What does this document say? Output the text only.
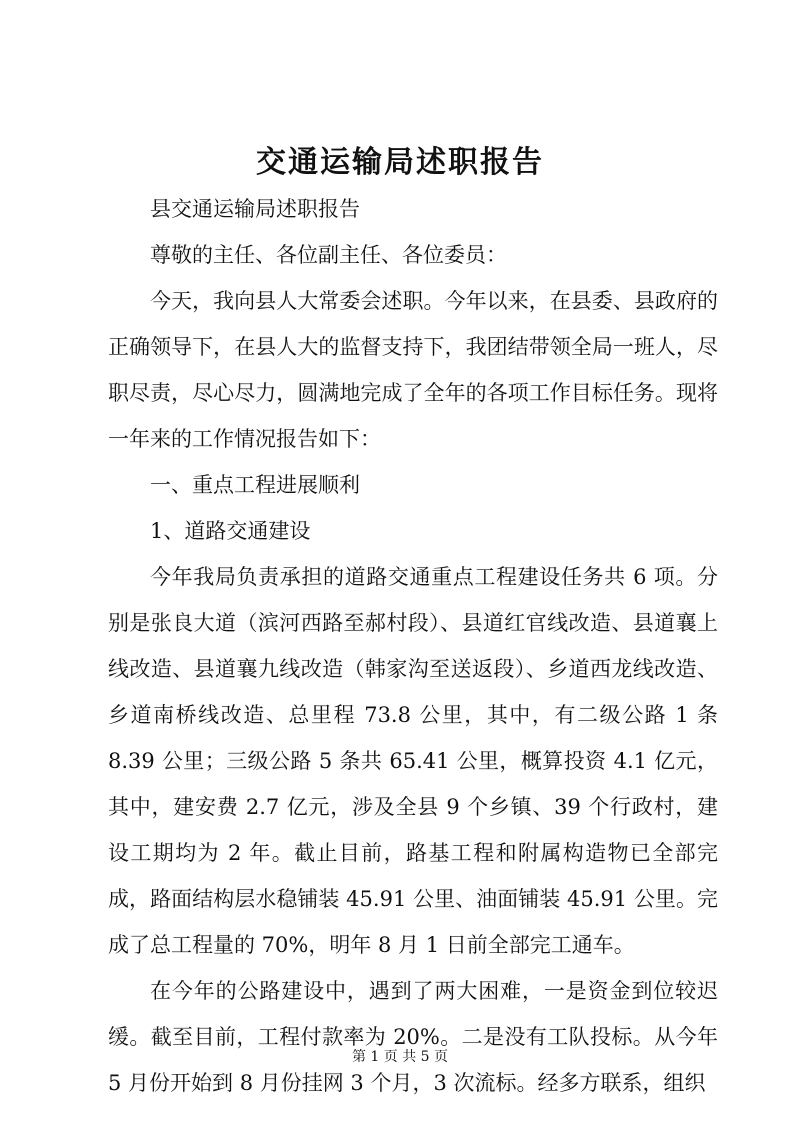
交通运输局述职报告

县交通运输局述职报告

尊敬的主任、各位副主任、各位委员：

今天，我向县人大常委会述职。今年以来，在县委、县政府的正确领导下，在县人大的监督支持下，我团结带领全局一班人，尽职尽责，尽心尽力，圆满地完成了全年的各项工作目标任务。现将一年来的工作情况报告如下：

一、重点工程进展顺利

1、道路交通建设

今年我局负责承担的道路交通重点工程建设任务共 6 项。分别是张良大道（滨河西路至郝村段）、县道红官线改造、县道襄上线改造、县道襄九线改造（韩家沟至送返段）、乡道西龙线改造、乡道南桥线改造、总里程 73.8 公里，其中，有二级公路 1 条 8.39 公里；三级公路 5 条共 65.41 公里，概算投资 4.1 亿元，其中，建安费 2.7 亿元，涉及全县 9 个乡镇、39 个行政村，建设工期均为 2 年。截止目前，路基工程和附属构造物已全部完成，路面结构层水稳铺装 45.91 公里、油面铺装 45.91 公里。完成了总工程量的 70%，明年 8 月 1 日前全部完工通车。

在今年的公路建设中，遇到了两大困难，一是资金到位较迟缓。截至目前，工程付款率为 20%。二是没有工队投标。从今年 5 月份开始到 8 月份挂网 3 个月，3 次流标。经多方联系，组织

第 1 页 共 5 页
